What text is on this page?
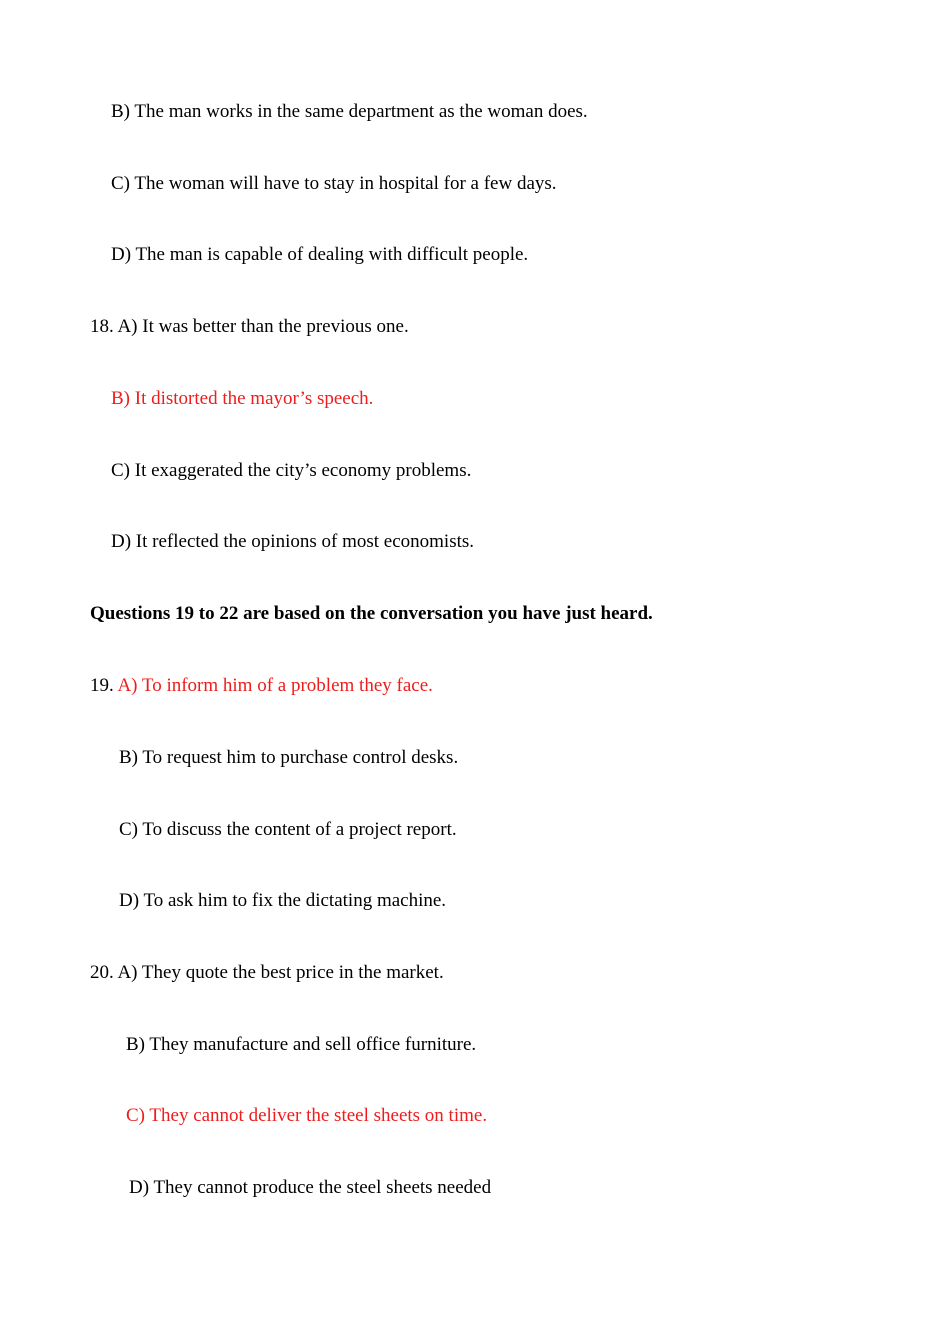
B) The man works in the same department as the woman does.
C) The woman will have to stay in hospital for a few days.
D) The man is capable of dealing with difficult people.
18. A) It was better than the previous one.
B) It distorted the mayor’s speech.
C) It exaggerated the city’s economy problems.
D) It reflected the opinions of most economists.
Questions 19 to 22 are based on the conversation you have just heard.
19. A) To inform him of a problem they face.
B) To request him to purchase control desks.
C) To discuss the content of a project report.
D) To ask him to fix the dictating machine.
20. A) They quote the best price in the market.
B) They manufacture and sell office furniture.
C) They cannot deliver the steel sheets on time.
D) They cannot produce the steel sheets needed
